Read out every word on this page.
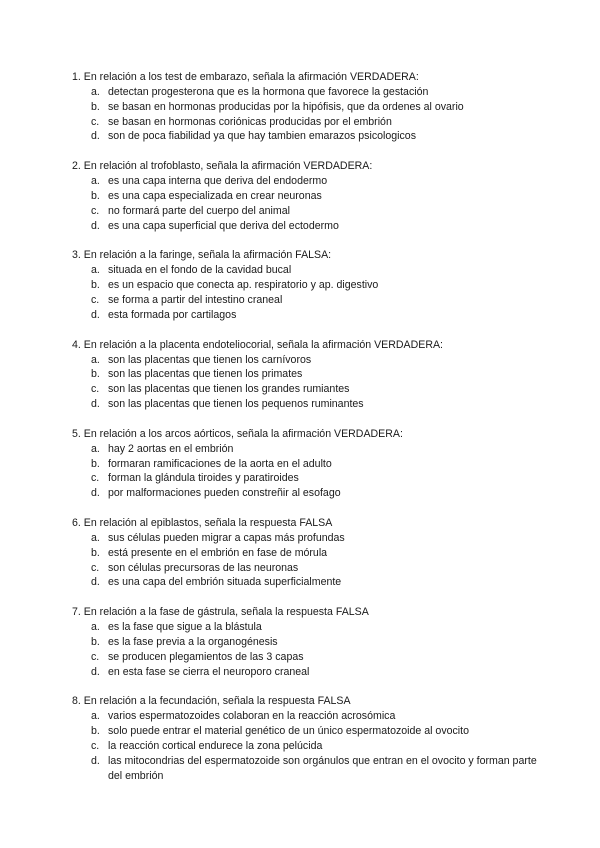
1. En relación a los test de embarazo, señala la afirmación VERDADERA:

a. detectan progesterona que es la hormona que favorece la gestación
b. se basan en hormonas producidas por la hipófisis, que da ordenes al ovario
c. se basan en hormonas coriónicas producidas por el embrión
d. son de poca fiabilidad ya que hay tambien emarazos psicologicos

2. En relación al trofoblasto, señala la afirmación VERDADERA:

a. es una capa interna que deriva del endodermo
b. es una capa especializada en crear neuronas
c. no formará parte del cuerpo del animal
d. es una capa superficial que deriva del ectodermo

3. En relación a la faringe, señala la afirmación FALSA:

a. situada en el fondo de la cavidad bucal
b. es un espacio que conecta ap. respiratorio y ap. digestivo
c. se forma a partir del intestino craneal
d. esta formada por cartilagos

4. En relación a la placenta endoteliocorial, señala la afirmación VERDADERA:

a. son las placentas que tienen los carnívoros
b. son las placentas que tienen los primates
c. son las placentas que tienen los grandes rumiantes
d. son las placentas que tienen los pequenos ruminantes

5. En relación a los arcos aórticos, señala la afirmación VERDADERA:

a. hay 2 aortas en el embrión
b. formaran ramificaciones de la aorta en el adulto
c. forman la glándula tiroides y paratiroides
d. por malformaciones pueden constreñir al esofago

6. En relación al epiblastos, señala la respuesta FALSA

a. sus células pueden migrar a capas más profundas
b. está presente en el embrión en fase de mórula
c. son células precursoras de las neuronas
d. es una capa del embrión situada superficialmente

7. En relación a la fase de gástrula, señala la respuesta FALSA

a. es la fase que sigue a la blástula
b. es la fase previa a la organogénesis
c. se producen plegamientos de las 3 capas
d. en esta fase se cierra el neuroporo craneal

8. En relación a la fecundación, señala la respuesta FALSA

a. varios espermatozoides colaboran en la reacción acrosómica
b. solo puede entrar el material genético de un único espermatozoide al ovocito
c. la reacción cortical endurece la zona pelúcida
d. las mitocondrias del espermatozoide son orgánulos que entran en el ovocito y forman parte del embrión
